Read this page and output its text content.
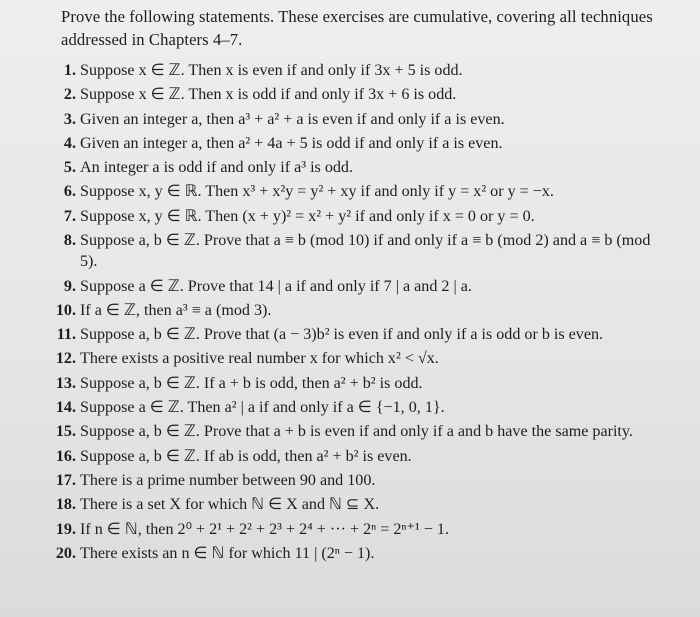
Prove the following statements. These exercises are cumulative, covering all techniques addressed in Chapters 4–7.
1. Suppose x ∈ ℤ. Then x is even if and only if 3x + 5 is odd.
2. Suppose x ∈ ℤ. Then x is odd if and only if 3x + 6 is odd.
3. Given an integer a, then a³ + a² + a is even if and only if a is even.
4. Given an integer a, then a² + 4a + 5 is odd if and only if a is even.
5. An integer a is odd if and only if a³ is odd.
6. Suppose x, y ∈ ℝ. Then x³ + x²y = y² + xy if and only if y = x² or y = −x.
7. Suppose x, y ∈ ℝ. Then (x + y)² = x² + y² if and only if x = 0 or y = 0.
8. Suppose a, b ∈ ℤ. Prove that a ≡ b (mod 10) if and only if a ≡ b (mod 2) and a ≡ b (mod 5).
9. Suppose a ∈ ℤ. Prove that 14 | a if and only if 7 | a and 2 | a.
10. If a ∈ ℤ, then a³ ≡ a (mod 3).
11. Suppose a, b ∈ ℤ. Prove that (a − 3)b² is even if and only if a is odd or b is even.
12. There exists a positive real number x for which x² < √x.
13. Suppose a, b ∈ ℤ. If a + b is odd, then a² + b² is odd.
14. Suppose a ∈ ℤ. Then a² | a if and only if a ∈ {−1, 0, 1}.
15. Suppose a, b ∈ ℤ. Prove that a + b is even if and only if a and b have the same parity.
16. Suppose a, b ∈ ℤ. If ab is odd, then a² + b² is even.
17. There is a prime number between 90 and 100.
18. There is a set X for which ℕ ∈ X and ℕ ⊆ X.
19. If n ∈ ℕ, then 2⁰ + 2¹ + 2² + 2³ + 2⁴ + ··· + 2ⁿ = 2ⁿ⁺¹ − 1.
20. There exists an n ∈ ℕ for which 11 | (2ⁿ − 1).
